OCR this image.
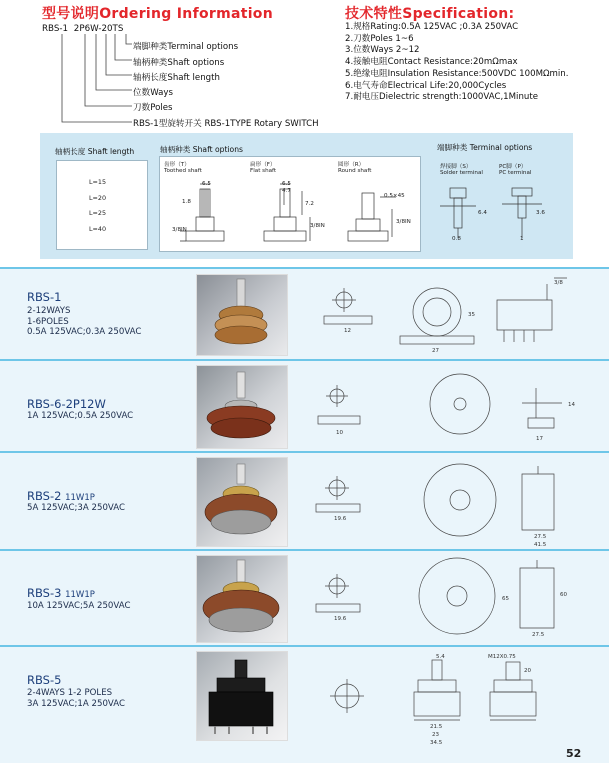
型号说明Ordering Information
RBS-1 2P6W-20TS
端脚种类Terminal options
轴柄种类Shaft options
轴柄长度Shaft length
位数Ways
刀数Poles
RBS-1型旋转开关 RBS-1TYPE Rotary SWITCH
技术特性Specification:
1.规格Rating:0.5A 125VAC ;0.3A 250VAC
2.刀数Poles 1~6
3.位数Ways 2~12
4.接触电阻Contact Resistance:20mΩmax
5.绝缘电阻Insulation Resistance:500VDC 100MΩmin.
6.电气寿命Electrical Life:20,000Cycles
7.耐电压Dielectric strength:1000VAC,1Minute
轴柄长度 Shaft length	轴柄种类 Shaft options	端脚种类 Terminal options
L=15
L=20
L=25
L=40
齿形（T）
Toothed shaft
扁形（F）
Flat shaft
圆形（R）
Round shaft
6.5
1.8
3/8IN
6.5
4.7
7.2
3/8IN
0.5×45
3/8IN
焊接脚（S）
Solder terminal
PC脚（P）
PC terminal
0.8
6.4
1
3.6
RBS-1
2-12WAYS
1-6POLES
0.5A 125VAC;0.3A 250VAC	12
27
35
3/8
RBS-6-2P12W
1A 125VAC;0.5A 250VAC
10
17
14
RBS-2 11W1P
5A 125VAC;3A 250VAC
19.6
27.5
41.5
RBS-3 11W1P
10A 125VAC;5A 250VAC
19.6
27.5
65
60
RBS-5
2-4WAYS 1-2 POLES
3A 125VAC;1A 250VAC
5.4
21.5
23
34.5
M12X0.75
20
52
